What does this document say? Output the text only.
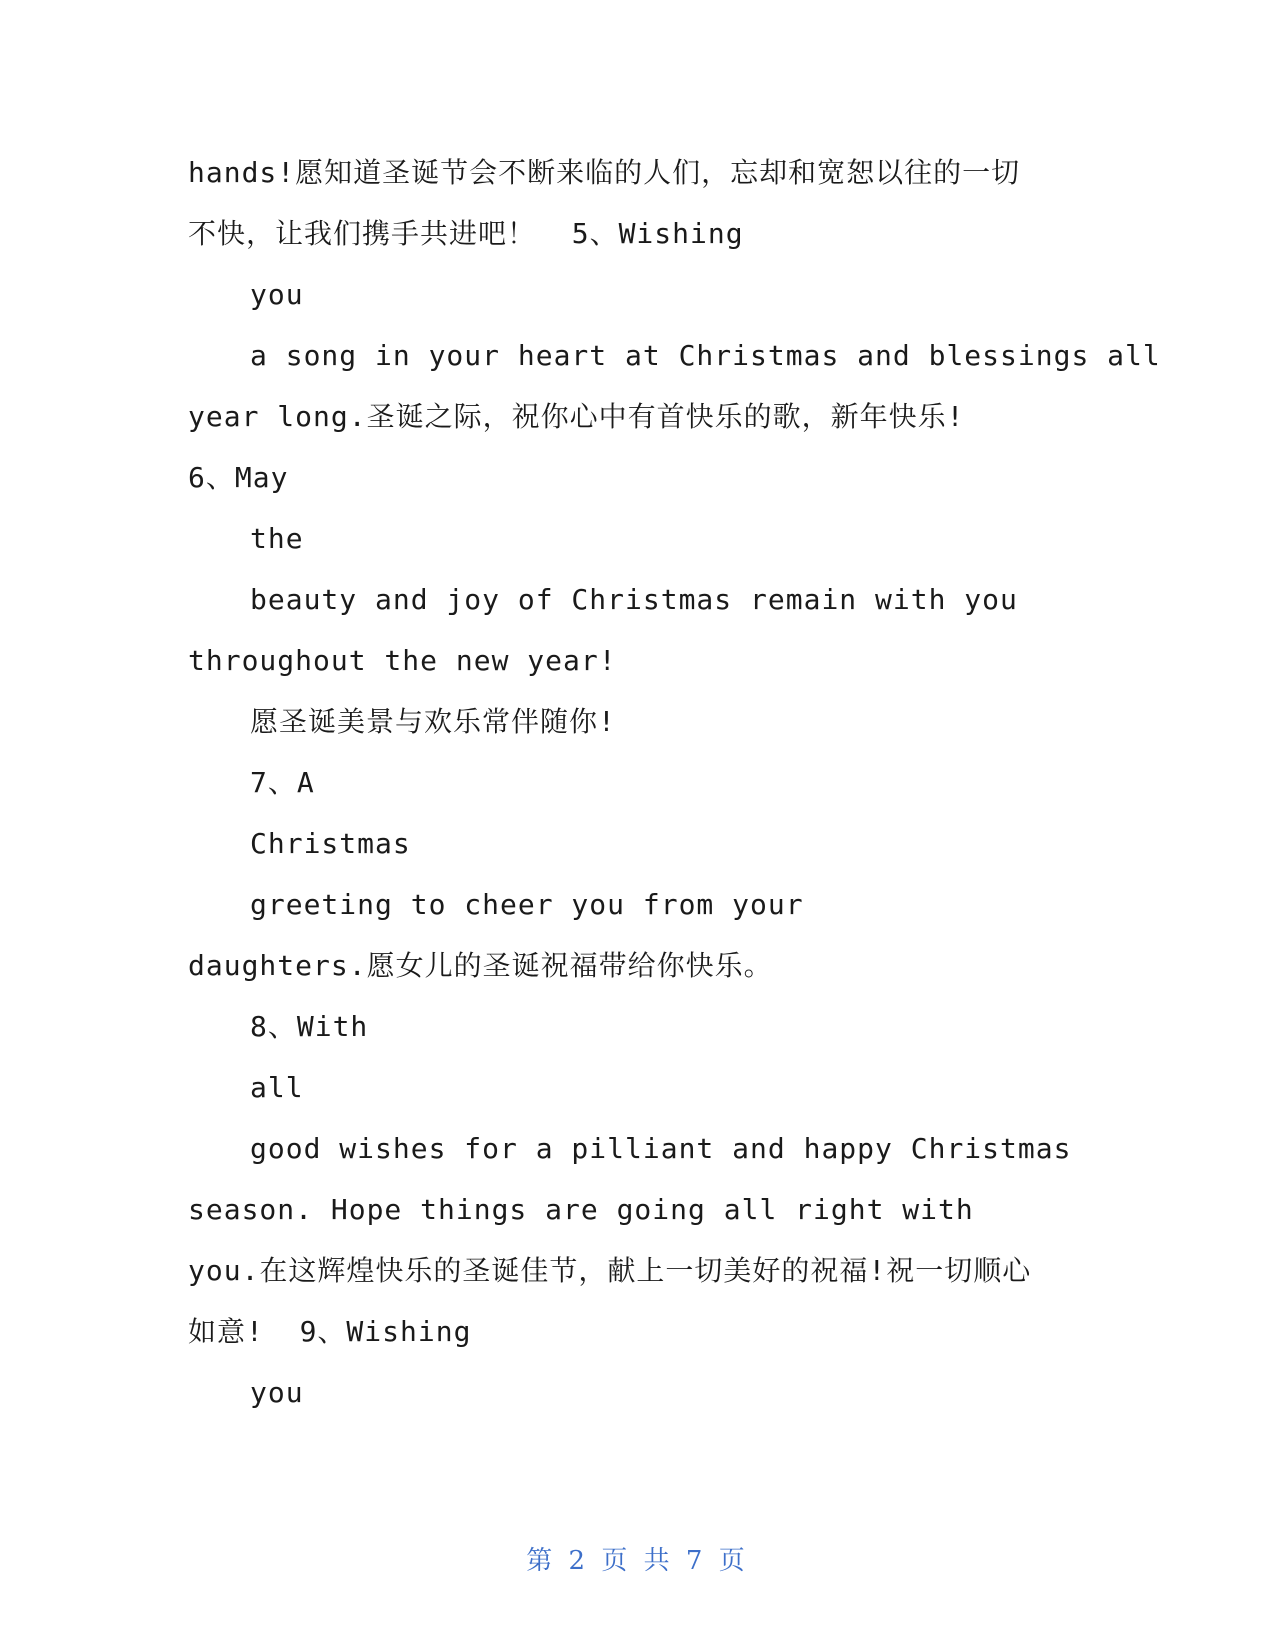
hands!愿知道圣诞节会不断来临的人们，忘却和宽恕以往的一切
不快，让我们携手共进吧！  5、Wishing
you
a song in your heart at Christmas and blessings all
year long.圣诞之际，祝你心中有首快乐的歌，新年快乐!
6、May
the
beauty and joy of Christmas remain with you
throughout the new year!
愿圣诞美景与欢乐常伴随你!
7、A
Christmas
greeting to cheer you from your
daughters.愿女儿的圣诞祝福带给你快乐。
8、With
all
good wishes for a pilliant and happy Christmas
season. Hope things are going all right with
you.在这辉煌快乐的圣诞佳节，献上一切美好的祝福!祝一切顺心
如意!  9、Wishing
you
第 2 页 共 7 页
